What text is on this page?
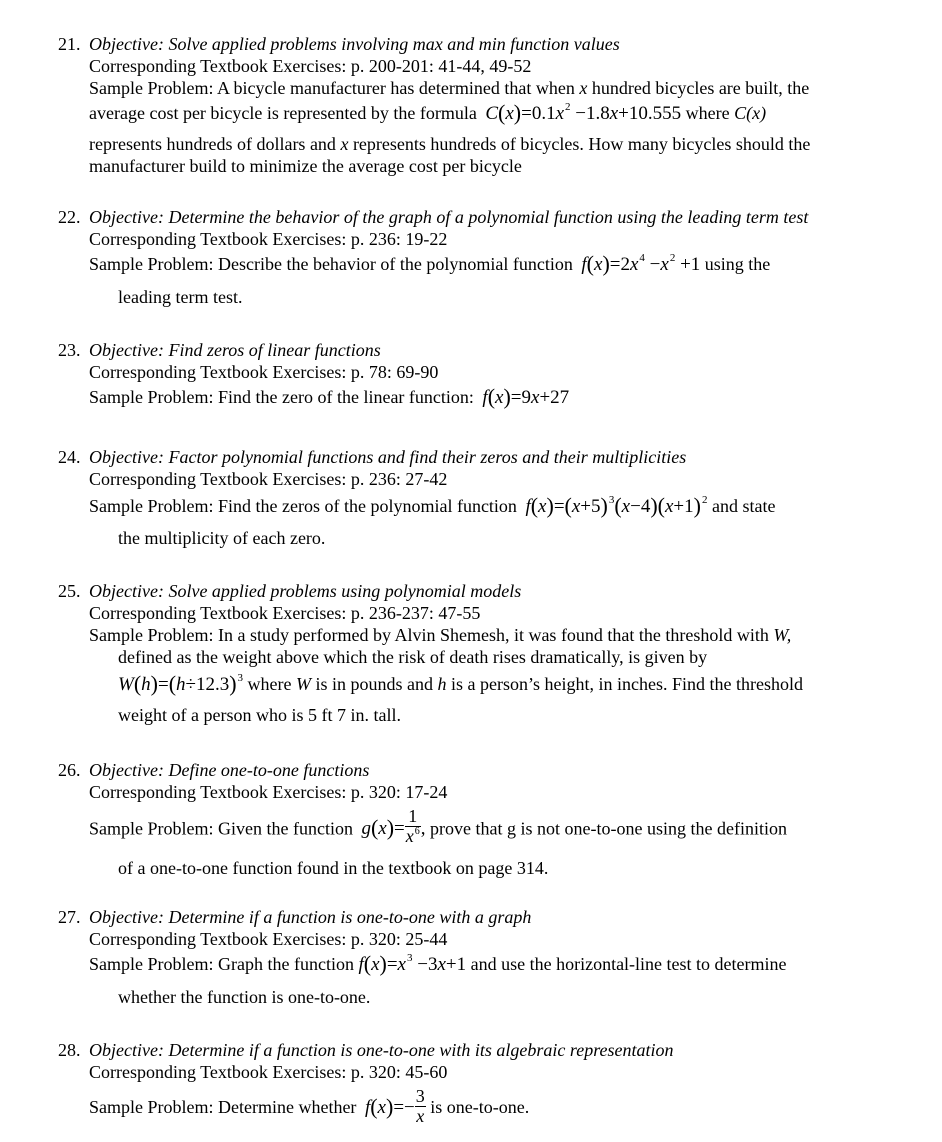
21. Objective: Solve applied problems involving max and min function values
Corresponding Textbook Exercises: p. 200-201: 41-44, 49-52
Sample Problem: A bicycle manufacturer has determined that when x hundred bicycles are built, the
average cost per bicycle is represented by the formula $C(x)=0.1x^2 -1.8x+10.555$ where C(x)
represents hundreds of dollars and x represents hundreds of bicycles. How many bicycles should the
manufacturer build to minimize the average cost per bicycle
22. Objective: Determine the behavior of the graph of a polynomial function using the leading term test
Corresponding Textbook Exercises: p. 236: 19-22
Sample Problem: Describe the behavior of the polynomial function $f(x)=2x^4 -x^2 +1$ using the
leading term test.
23. Objective: Find zeros of linear functions
Corresponding Textbook Exercises: p. 78: 69-90
Sample Problem: Find the zero of the linear function: f(x)=9x+27
24. Objective: Factor polynomial functions and find their zeros and their multiplicities
Corresponding Textbook Exercises: p. 236: 27-42
Sample Problem: Find the zeros of the polynomial function $f(x)=(x+5)^3(x-4)(x+1)^2$ and state
the multiplicity of each zero.
25. Objective: Solve applied problems using polynomial models
Corresponding Textbook Exercises: p. 236-237: 47-55
Sample Problem: In a study performed by Alvin Shemesh, it was found that the threshold with W,
defined as the weight above which the risk of death rises dramatically, is given by
$W(h)=(h\div 12.3)^3$ where W is in pounds and h is a person’s height, in inches. Find the threshold
weight of a person who is 5 ft 7 in. tall.
26. Objective: Define one-to-one functions
Corresponding Textbook Exercises: p. 320: 17-24
Sample Problem: Given the function $g(x)= \frac{1}{x^6}$ , prove that g is not one-to-one using the definition
of a one-to-one function found in the textbook on page 314.
27. Objective: Determine if a function is one-to-one with a graph
Corresponding Textbook Exercises: p. 320: 25-44
Sample Problem: Graph the function $f(x)=x^3 -3x+1$ and use the horizontal-line test to determine
whether the function is one-to-one.
28. Objective: Determine if a function is one-to-one with its algebraic representation
Corresponding Textbook Exercises: p. 320: 45-60
Sample Problem: Determine whether $f(x)=- \frac{3}{x}$ is one-to-one.
